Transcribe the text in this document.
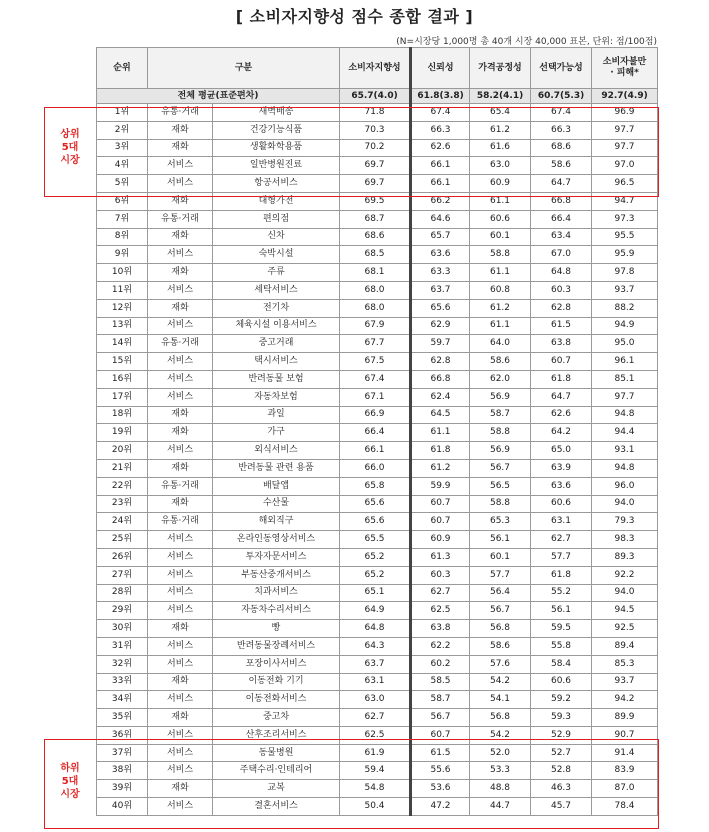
[ 소비자지향성 점수 종합 결과 ]
(N=시장당 1,000명 총 40개 시장 40,000 표본, 단위: 점/100점)
순위	구분		소비자지향성	신뢰성	가격공정성	선택가능성	소비자불만
· 피해*
전체 평균(표준편차)			65.7(4.0)	61.8(3.8)	58.2(4.1)	60.7(5.3)	92.7(4.9)
1위	유통·거래	새벽배송	71.8	67.4	65.4	67.4	96.9
2위	재화	건강기능식품	70.3	66.3	61.2	66.3	97.7
3위	재화	생활화학용품	70.2	62.6	61.6	68.6	97.7
4위	서비스	일반병원진료	69.7	66.1	63.0	58.6	97.0
5위	서비스	항공서비스	69.7	66.1	60.9	64.7	96.5
6위	재화	대형가전	69.5	66.2	61.1	66.8	94.7
7위	유통·거래	편의점	68.7	64.6	60.6	66.4	97.3
8위	재화	신차	68.6	65.7	60.1	63.4	95.5
9위	서비스	숙박시설	68.5	63.6	58.8	67.0	95.9
10위	재화	주류	68.1	63.3	61.1	64.8	97.8
11위	서비스	세탁서비스	68.0	63.7	60.8	60.3	93.7
12위	재화	전기차	68.0	65.6	61.2	62.8	88.2
13위	서비스	체육시설 이용서비스	67.9	62.9	61.1	61.5	94.9
14위	유통·거래	중고거래	67.7	59.7	64.0	63.8	95.0
15위	서비스	택시서비스	67.5	62.8	58.6	60.7	96.1
16위	서비스	반려동물 보험	67.4	66.8	62.0	61.8	85.1
17위	서비스	자동차보험	67.1	62.4	56.9	64.7	97.7
18위	재화	과일	66.9	64.5	58.7	62.6	94.8
19위	재화	가구	66.4	61.1	58.8	64.2	94.4
20위	서비스	외식서비스	66.1	61.8	56.9	65.0	93.1
21위	재화	반려동물 관련 용품	66.0	61.2	56.7	63.9	94.8
22위	유통·거래	배달앱	65.8	59.9	56.5	63.6	96.0
23위	재화	수산물	65.6	60.7	58.8	60.6	94.0
24위	유통·거래	해외직구	65.6	60.7	65.3	63.1	79.3
25위	서비스	온라인동영상서비스	65.5	60.9	56.1	62.7	98.3
26위	서비스	투자자문서비스	65.2	61.3	60.1	57.7	89.3
27위	서비스	부동산중개서비스	65.2	60.3	57.7	61.8	92.2
28위	서비스	치과서비스	65.1	62.7	56.4	55.2	94.0
29위	서비스	자동차수리서비스	64.9	62.5	56.7	56.1	94.5
30위	재화	빵	64.8	63.8	56.8	59.5	92.5
31위	서비스	반려동물장례서비스	64.3	62.2	58.6	55.8	89.4
32위	서비스	포장이사서비스	63.7	60.2	57.6	58.4	85.3
33위	재화	이동전화 기기	63.1	58.5	54.2	60.6	93.7
34위	서비스	이동전화서비스	63.0	58.7	54.1	59.2	94.2
35위	재화	중고차	62.7	56.7	56.8	59.3	89.9
36위	서비스	산후조리서비스	62.5	60.7	54.2	52.9	90.7
37위	서비스	동물병원	61.9	61.5	52.0	52.7	91.4
38위	서비스	주택수리·인테리어	59.4	55.6	53.3	52.8	83.9
39위	재화	교복	54.8	53.6	48.8	46.3	87.0
40위	서비스	결혼서비스	50.4	47.2	44.7	45.7	78.4
상위
5대
시장
하위
5대
시장
